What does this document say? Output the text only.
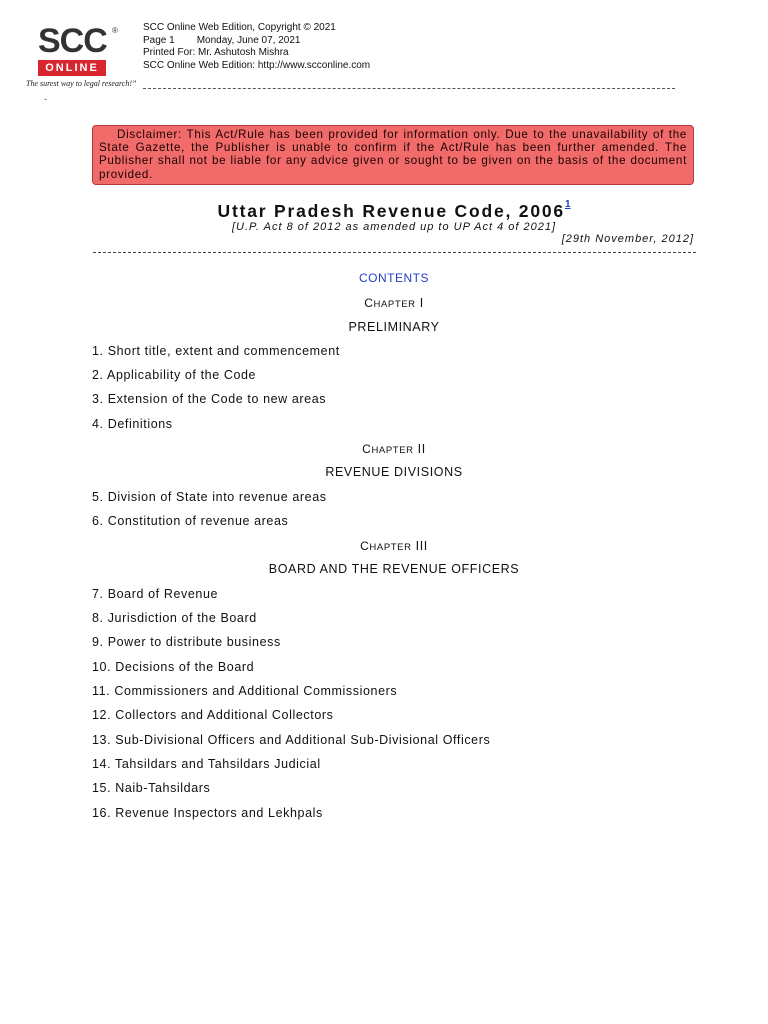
SCC ®
ONLINE
The surest way to legal research!”
-
SCC Online Web Edition, Copyright © 2021
Page 1 Monday, June 07, 2021
Printed For: Mr. Ashutosh Mishra
SCC Online Web Edition: http://www.scconline.com
Disclaimer: This Act/Rule has been provided for information only. Due to the unavailability of the State Gazette, the Publisher is unable to confirm if the Act/Rule has been further amended. The Publisher shall not be liable for any advice given or sought to be given on the basis of the document provided.
Uttar Pradesh Revenue Code, 2006$^1$
[U.P. Act 8 of 2012 as amended up to UP Act 4 of 2021]
[29th November, 2012]
CONTENTS
CHAPTER I
PRELIMINARY
1. Short title, extent and commencement
2. Applicability of the Code
3. Extension of the Code to new areas
4. Definitions
CHAPTER II
REVENUE DIVISIONS
5. Division of State into revenue areas
6. Constitution of revenue areas
CHAPTER III
BOARD AND THE REVENUE OFFICERS
7. Board of Revenue
8. Jurisdiction of the Board
9. Power to distribute business
10. Decisions of the Board
11. Commissioners and Additional Commissioners
12. Collectors and Additional Collectors
13. Sub-Divisional Officers and Additional Sub-Divisional Officers
14. Tahsildars and Tahsildars Judicial
15. Naib-Tahsildars
16. Revenue Inspectors and Lekhpals
